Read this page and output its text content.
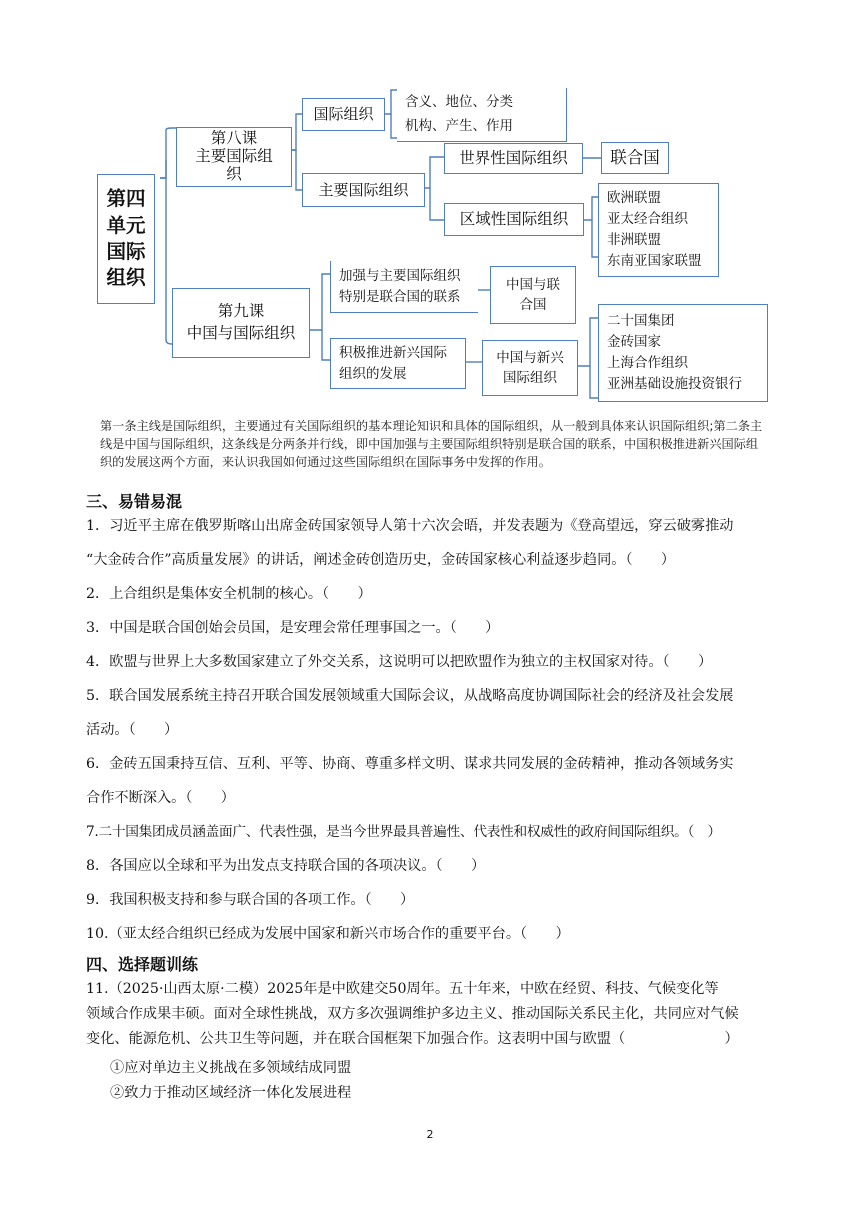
第四
单元
国际
组织
第八课
主要国际组
织
国际组织
含义、地位、分类
机构、产生、作用
主要国际组织
世界性国际组织	联合国
区域性国际组织
欧洲联盟
亚太经合组织
非洲联盟
东南亚国家联盟
第九课
中国与国际组织
加强与主要国际组织
特别是联合国的联系
中国与联
合国
积极推进新兴国际
组织的发展
中国与新兴
国际组织
二十国集团
金砖国家
上海合作组织
亚洲基础设施投资银行
第一条主线是国际组织，主要通过有关国际组织的基本理论知识和具体的国际组织，从一般到具体来认识国际组织;第二条主线是中国与国际组织，这条线是分两条并行线，即中国加强与主要国际组织特别是联合国的联系，中国积极推进新兴国际组织的发展这两个方面，来认识我国如何通过这些国际组织在国际事务中发挥的作用。
三、易错易混
1．习近平主席在俄罗斯喀山出席金砖国家领导人第十六次会晤，并发表题为《登高望远，穿云破雾推动
“大金砖合作”高质量发展》的讲话，阐述金砖创造历史，金砖国家核心利益逐步趋同。（　　）
2．上合组织是集体安全机制的核心。（　　）
3．中国是联合国创始会员国，是安理会常任理事国之一。（　　）
4．欧盟与世界上大多数国家建立了外交关系，这说明可以把欧盟作为独立的主权国家对待。（　　）
5．联合国发展系统主持召开联合国发展领域重大国际会议，从战略高度协调国际社会的经济及社会发展
活动。（　　）
6．金砖五国秉持互信、互利、平等、协商、尊重多样文明、谋求共同发展的金砖精神，推动各领域务实
合作不断深入。（　　）
7.二十国集团成员涵盖面广、代表性强，是当今世界最具普遍性、代表性和权威性的政府间国际组织。（　）
8．各国应以全球和平为出发点支持联合国的各项决议。（　　）
9．我国积极支持和参与联合国的各项工作。（　　）
10.（亚太经合组织已经成为发展中国家和新兴市场合作的重要平台。（　　）
四、选择题训练
11.（2025·山西太原·二模）2025年是中欧建交50周年。五十年来，中欧在经贸、科技、气候变化等
领域合作成果丰硕。面对全球性挑战，双方多次强调维护多边主义、推动国际关系民主化，共同应对气候
变化、能源危机、公共卫生等问题，并在联合国框架下加强合作。这表明中国与欧盟（　　　　　　　）
①应对单边主义挑战在多领域结成同盟
②致力于推动区域经济一体化发展进程
2
